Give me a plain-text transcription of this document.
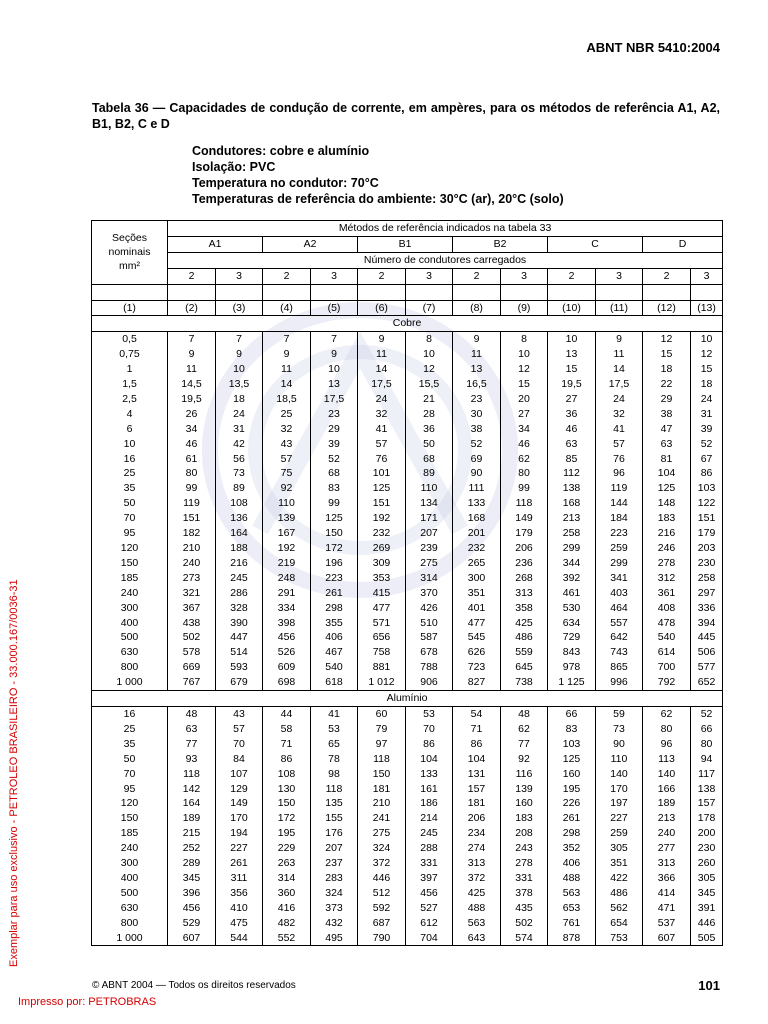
ABNT NBR 5410:2004
Tabela 36 — Capacidades de condução de corrente, em ampères, para os métodos de referência A1, A2, B1, B2, C e D
Condutores: cobre e alumínio
Isolação: PVC
Temperatura no condutor: 70°C
Temperaturas de referência do ambiente: 30°C (ar), 20°C (solo)
Seções
nominais
mm²	Métodos de referência indicados na tabela 33											
	A1		A2		B1		B2		C		D	
	Número de condutores carregados											
	2	3	2	3	2	3	2	3	2	3	2	3

(1)	(2)	(3)	(4)	(5)	(6)	(7)	(8)	(9)	(10)	(11)	(12)	(13)
Cobre												
0,5	7	7	7	7	9	8	9	8	10	9	12	10
0,75	9	9	9	9	11	10	11	10	13	11	15	12
1	11	10	11	10	14	12	13	12	15	14	18	15
1,5	14,5	13,5	14	13	17,5	15,5	16,5	15	19,5	17,5	22	18
2,5	19,5	18	18,5	17,5	24	21	23	20	27	24	29	24
4	26	24	25	23	32	28	30	27	36	32	38	31
6	34	31	32	29	41	36	38	34	46	41	47	39
10	46	42	43	39	57	50	52	46	63	57	63	52
16	61	56	57	52	76	68	69	62	85	76	81	67
25	80	73	75	68	101	89	90	80	112	96	104	86
35	99	89	92	83	125	110	111	99	138	119	125	103
50	119	108	110	99	151	134	133	118	168	144	148	122
70	151	136	139	125	192	171	168	149	213	184	183	151
95	182	164	167	150	232	207	201	179	258	223	216	179
120	210	188	192	172	269	239	232	206	299	259	246	203
150	240	216	219	196	309	275	265	236	344	299	278	230
185	273	245	248	223	353	314	300	268	392	341	312	258
240	321	286	291	261	415	370	351	313	461	403	361	297
300	367	328	334	298	477	426	401	358	530	464	408	336
400	438	390	398	355	571	510	477	425	634	557	478	394
500	502	447	456	406	656	587	545	486	729	642	540	445
630	578	514	526	467	758	678	626	559	843	743	614	506
800	669	593	609	540	881	788	723	645	978	865	700	577
1 000	767	679	698	618	1 012	906	827	738	1 125	996	792	652
Alumínio												
16	48	43	44	41	60	53	54	48	66	59	62	52
25	63	57	58	53	79	70	71	62	83	73	80	66
35	77	70	71	65	97	86	86	77	103	90	96	80
50	93	84	86	78	118	104	104	92	125	110	113	94
70	118	107	108	98	150	133	131	116	160	140	140	117
95	142	129	130	118	181	161	157	139	195	170	166	138
120	164	149	150	135	210	186	181	160	226	197	189	157
150	189	170	172	155	241	214	206	183	261	227	213	178
185	215	194	195	176	275	245	234	208	298	259	240	200
240	252	227	229	207	324	288	274	243	352	305	277	230
300	289	261	263	237	372	331	313	278	406	351	313	260
400	345	311	314	283	446	397	372	331	488	422	366	305
500	396	356	360	324	512	456	425	378	563	486	414	345
630	456	410	416	373	592	527	488	435	653	562	471	391
800	529	475	482	432	687	612	563	502	761	654	537	446
1 000	607	544	552	495	790	704	643	574	878	753	607	505
Exemplar para uso exclusivo - PETROLEO BRASILEIRO - 33.000.167/0036-31
© ABNT 2004 — Todos os direitos reservados	101
Impresso por: PETROBRAS
